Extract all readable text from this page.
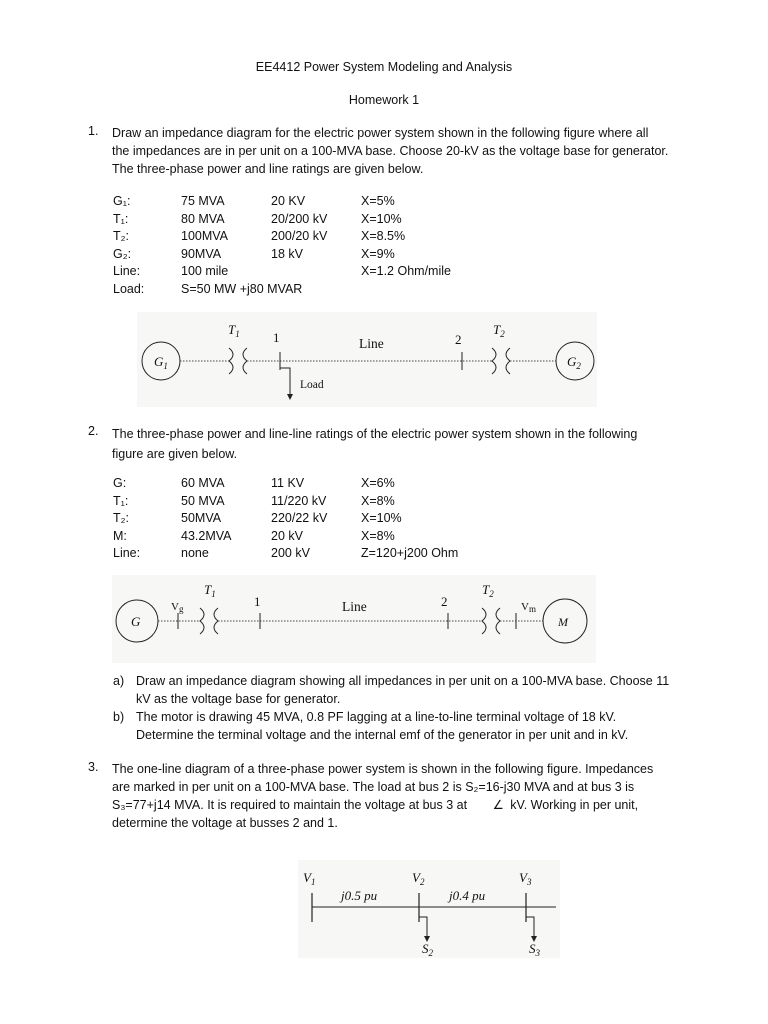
EE4412 Power System Modeling and Analysis
Homework 1
1. Draw an impedance diagram for the electric power system shown in the following figure where all
the impedances are in per unit on a 100-MVA base. Choose 20-kV as the voltage base for generator.
The three-phase power and line ratings are given below.
G₁:	75 MVA	20 KV	X=5%
T₁:	80 MVA	20/200 kV	X=10%
T₂:	100MVA	200/20 kV	X=8.5%
G₂:	90MVA	18 kV	X=9%
Line:	100 mile		X=1.2 Ohm/mile
Load:	S=50 MW +j80 MVAR		
$G_1$
$T_1$	1
Load
Line	2
$T_2$
$G_2$
2. The three-phase power and line-line ratings of the electric power system shown in the following
figure are given below.
G:	60 MVA	11 KV	X=6%
T₁:	50 MVA	11/220 kV	X=8%
T₂:	50MVA	220/22 kV	X=10%
M:	43.2MVA	20 kV	X=8%
Line:	none	200 kV	Z=120+j200 Ohm
G
Vg
$T_1$	1	Line	2
$T_2$
Vm
M
a) Draw an impedance diagram showing all impedances in per unit on a 100-MVA base. Choose 11
kV as the voltage base for generator.
b) The motor is drawing 45 MVA, 0.8 PF lagging at a line-to-line terminal voltage of 18 kV.
Determine the terminal voltage and the internal emf of the generator in per unit and in kV.
3. The one-line diagram of a three-phase power system is shown in the following figure. Impedances
are marked in per unit on a 100-MVA base. The load at bus 2 is S₂=16-j30 MVA and at bus 3 is
S₃=77+j14 MVA. It is required to maintain the voltage at bus 3 at ∠ kV. Working in per unit,
determine the voltage at busses 2 and 1.
$V_1$	$V_2$	$V_3$
j0.5 pu	j0.4 pu
$S_2$	$S_3$
